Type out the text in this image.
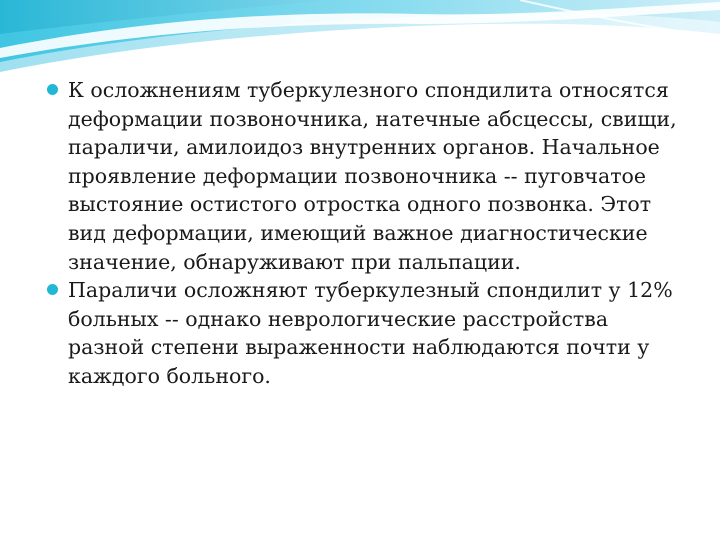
К осложнениям туберкулезного спондилита относятся деформации позвоночника, натечные абсцессы, свищи, параличи, амилоидоз внутренних органов. Начальное проявление деформации позвоночника -- пуговчатое выстояние остистого отростка одного позвонка. Этот вид деформации, имеющий важное диагностические значение, обнаруживают при пальпации.

Параличи осложняют туберкулезный спондилит у 12% больных -- однако неврологические расстройства разной степени выраженности наблюдаются почти у каждого больного.
